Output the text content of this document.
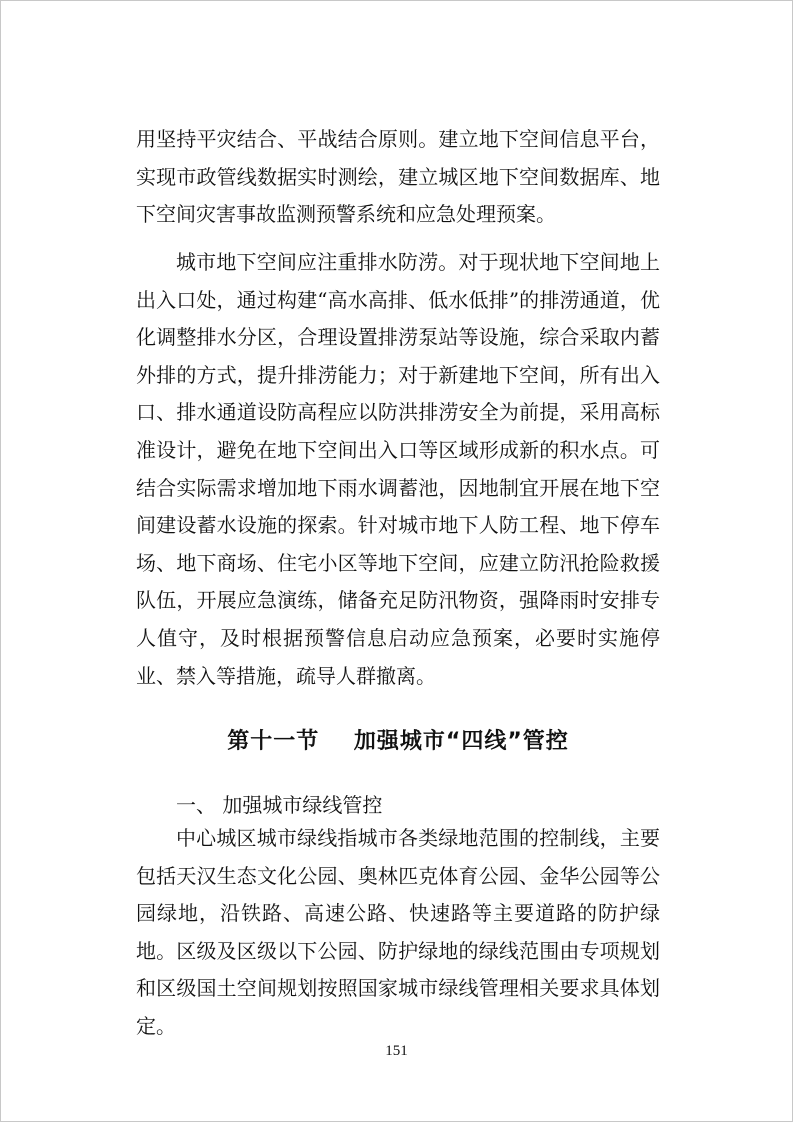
用坚持平灾结合、平战结合原则。建立地下空间信息平台，实现市政管线数据实时测绘，建立城区地下空间数据库、地下空间灾害事故监测预警系统和应急处理预案。

城市地下空间应注重排水防涝。对于现状地下空间地上出入口处，通过构建“高水高排、低水低排”的排涝通道，优化调整排水分区，合理设置排涝泵站等设施，综合采取内蓄外排的方式，提升排涝能力；对于新建地下空间，所有出入口、排水通道设防高程应以防洪排涝安全为前提，采用高标准设计，避免在地下空间出入口等区域形成新的积水点。可结合实际需求增加地下雨水调蓄池，因地制宜开展在地下空间建设蓄水设施的探索。针对城市地下人防工程、地下停车场、地下商场、住宅小区等地下空间，应建立防汛抢险救援队伍，开展应急演练，储备充足防汛物资，强降雨时安排专人值守，及时根据预警信息启动应急预案，必要时实施停业、禁入等措施，疏导人群撤离。

第十一节    加强城市“四线”管控
一、 加强城市绿线管控

中心城区城市绿线指城市各类绿地范围的控制线，主要包括天汉生态文化公园、奥林匹克体育公园、金华公园等公园绿地，沿铁路、高速公路、快速路等主要道路的防护绿地。区级及区级以下公园、防护绿地的绿线范围由专项规划和区级国土空间规划按照国家城市绿线管理相关要求具体划定。

151
